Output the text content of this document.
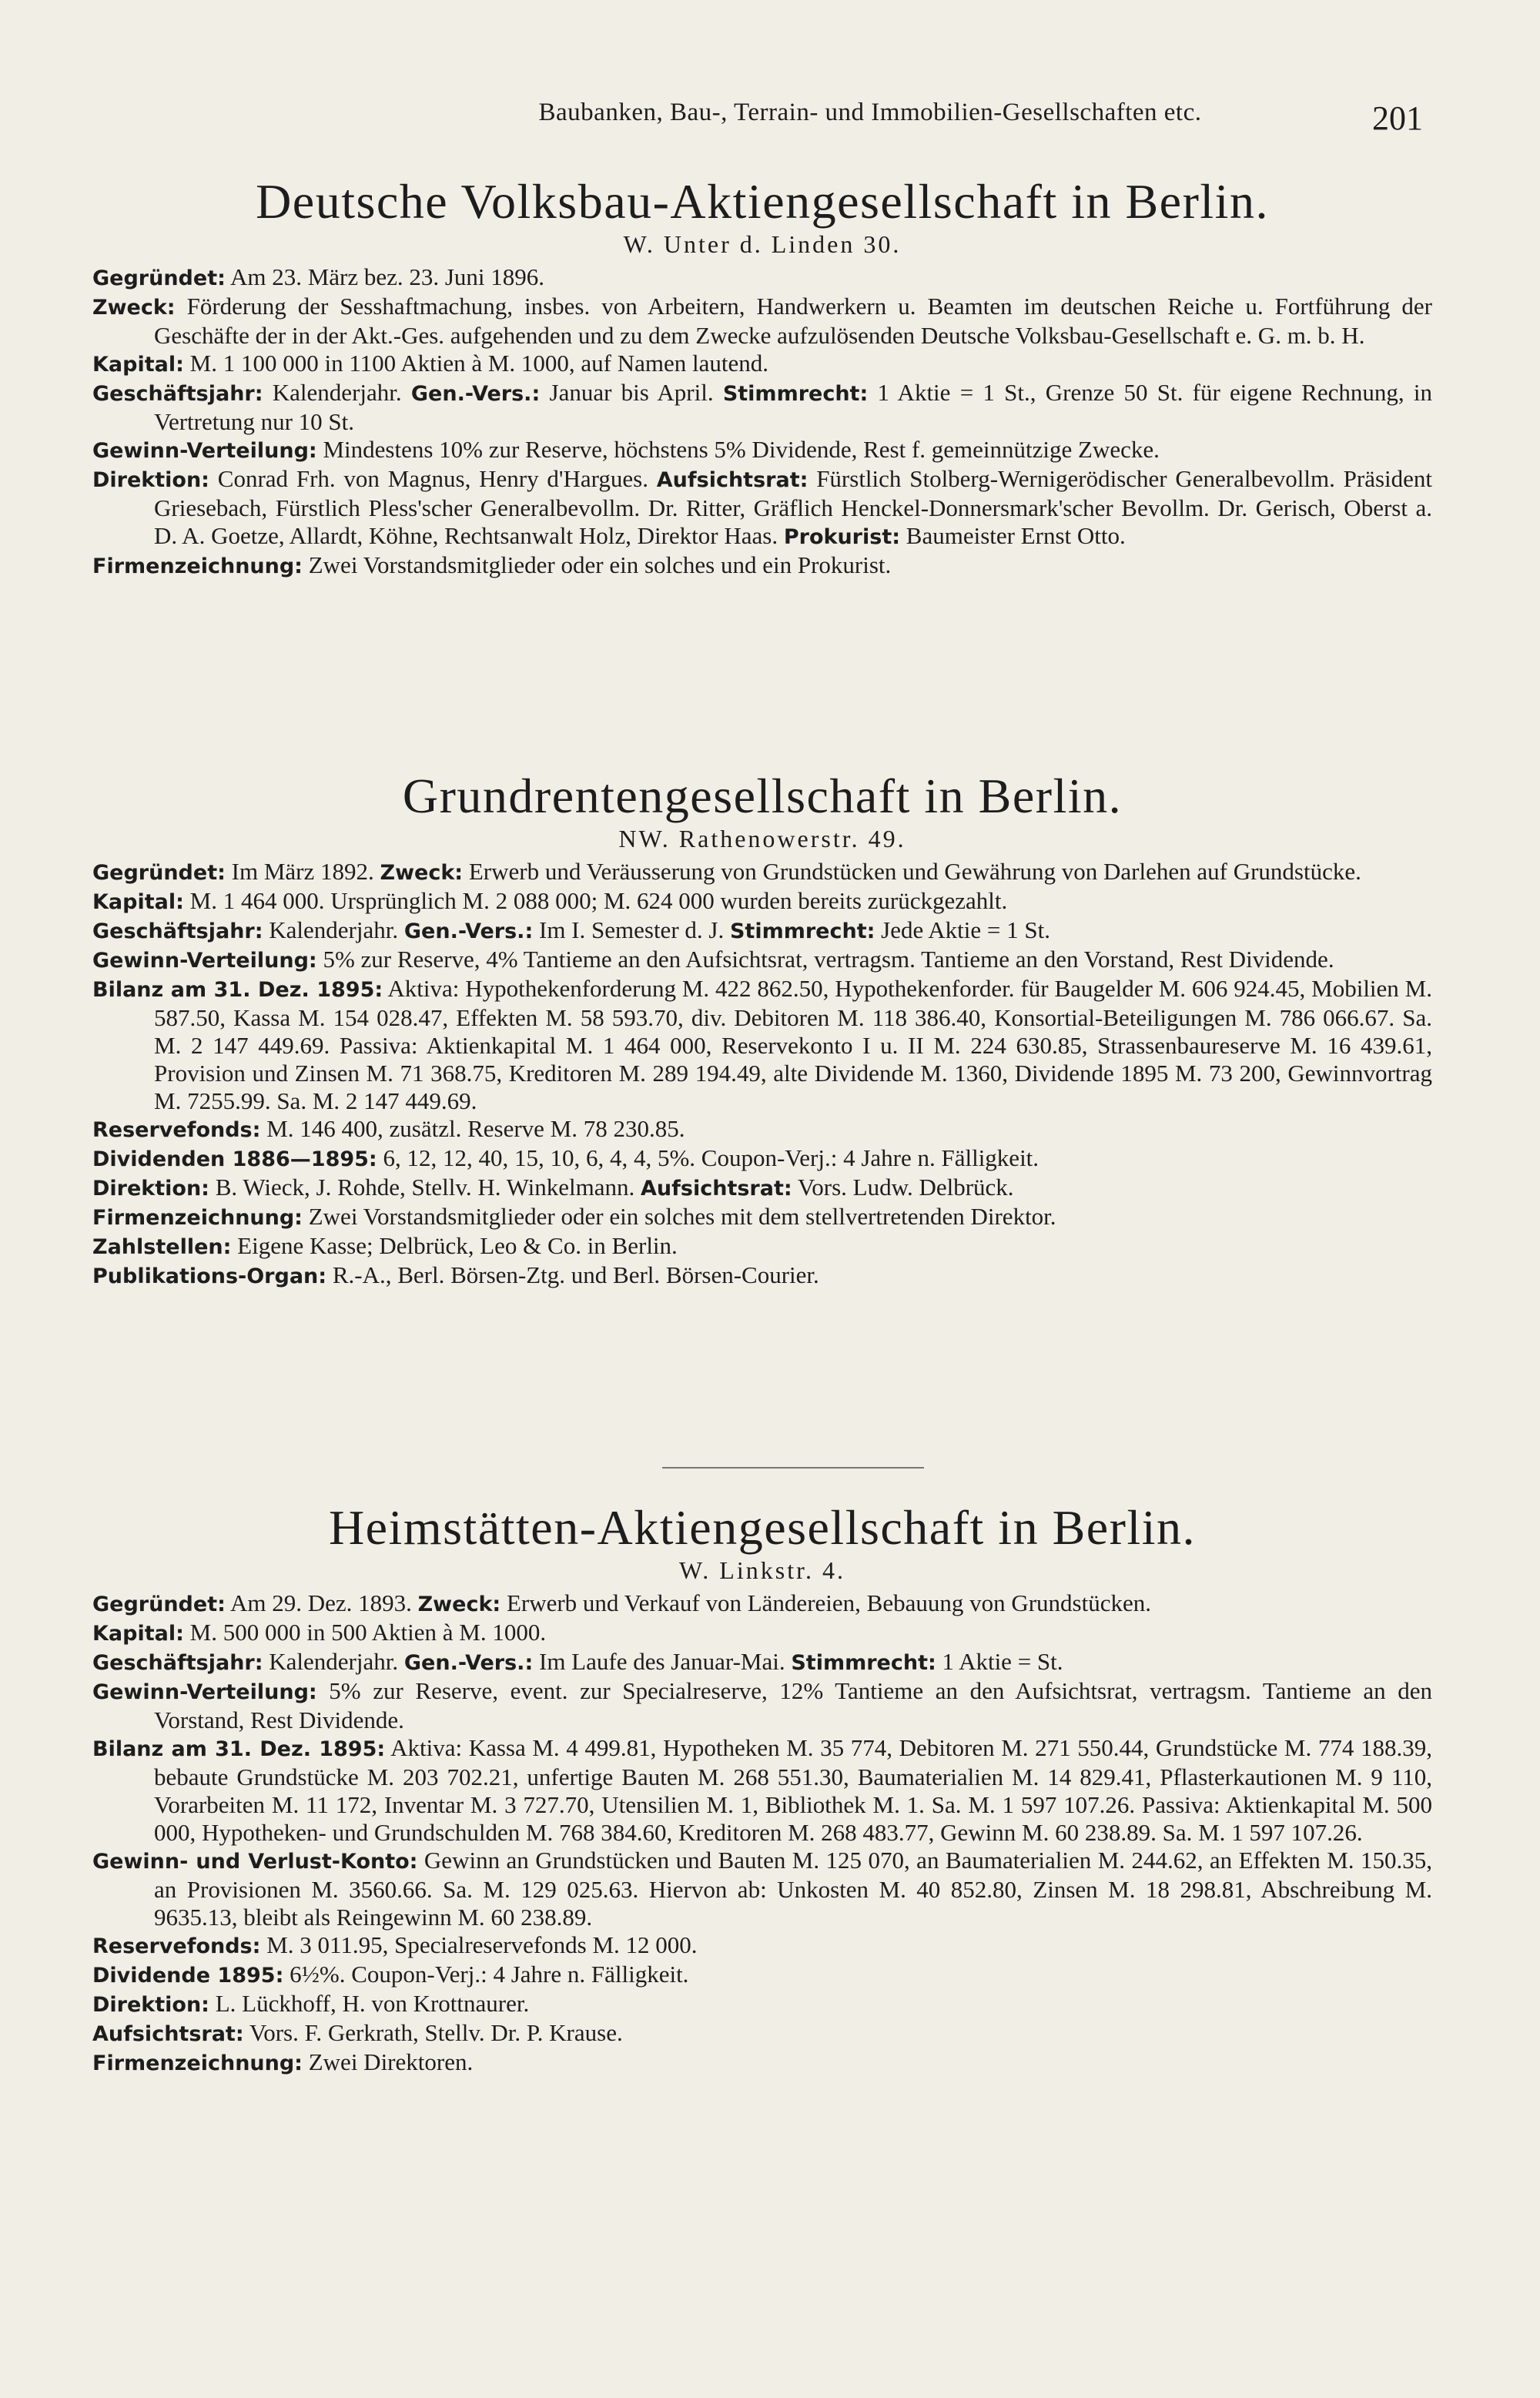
Baubanken, Bau-, Terrain- und Immobilien-Gesellschaften etc.	201
Deutsche Volksbau-Aktiengesellschaft in Berlin.
W. Unter d. Linden 30.

Gegründet: Am 23. März bez. 23. Juni 1896.

Zweck: Förderung der Sesshaftmachung, insbes. von Arbeitern, Handwerkern u. Beamten im deutschen Reiche u. Fortführung der Geschäfte der in der Akt.-Ges. aufgehenden und zu dem Zwecke aufzulösenden Deutsche Volksbau-Gesellschaft e. G. m. b. H.

Kapital: M. 1 100 000 in 1100 Aktien à M. 1000, auf Namen lautend.

Geschäftsjahr: Kalenderjahr. Gen.-Vers.: Januar bis April. Stimmrecht: 1 Aktie = 1 St., Grenze 50 St. für eigene Rechnung, in Vertretung nur 10 St.

Gewinn-Verteilung: Mindestens 10% zur Reserve, höchstens 5% Dividende, Rest f. gemeinnützige Zwecke.

Direktion: Conrad Frh. von Magnus, Henry d'Hargues. Aufsichtsrat: Fürstlich Stolberg-Wernigerödischer Generalbevollm. Präsident Griesebach, Fürstlich Pless'scher Generalbevollm. Dr. Ritter, Gräflich Henckel-Donnersmark'scher Bevollm. Dr. Gerisch, Oberst a. D. A. Goetze, Allardt, Köhne, Rechtsanwalt Holz, Direktor Haas. Prokurist: Baumeister Ernst Otto.

Firmenzeichnung: Zwei Vorstandsmitglieder oder ein solches und ein Prokurist.

Grundrentengesellschaft in Berlin.
NW. Rathenowerstr. 49.

Gegründet: Im März 1892. Zweck: Erwerb und Veräusserung von Grundstücken und Gewährung von Darlehen auf Grundstücke.

Kapital: M. 1 464 000. Ursprünglich M. 2 088 000; M. 624 000 wurden bereits zurückgezahlt.

Geschäftsjahr: Kalenderjahr. Gen.-Vers.: Im I. Semester d. J. Stimmrecht: Jede Aktie = 1 St.

Gewinn-Verteilung: 5% zur Reserve, 4% Tantieme an den Aufsichtsrat, vertragsm. Tantieme an den Vorstand, Rest Dividende.

Bilanz am 31. Dez. 1895: Aktiva: Hypothekenforderung M. 422 862.50, Hypothekenforder. für Baugelder M. 606 924.45, Mobilien M. 587.50, Kassa M. 154 028.47, Effekten M. 58 593.70, div. Debitoren M. 118 386.40, Konsortial-Beteiligungen M. 786 066.67. Sa. M. 2 147 449.69. Passiva: Aktienkapital M. 1 464 000, Reservekonto I u. II M. 224 630.85, Strassenbaureserve M. 16 439.61, Provision und Zinsen M. 71 368.75, Kreditoren M. 289 194.49, alte Dividende M. 1360, Dividende 1895 M. 73 200, Gewinnvortrag M. 7255.99. Sa. M. 2 147 449.69.

Reservefonds: M. 146 400, zusätzl. Reserve M. 78 230.85.

Dividenden 1886—1895: 6, 12, 12, 40, 15, 10, 6, 4, 4, 5%. Coupon-Verj.: 4 Jahre n. Fälligkeit.

Direktion: B. Wieck, J. Rohde, Stellv. H. Winkelmann. Aufsichtsrat: Vors. Ludw. Delbrück.

Firmenzeichnung: Zwei Vorstandsmitglieder oder ein solches mit dem stellvertretenden Direktor.

Zahlstellen: Eigene Kasse; Delbrück, Leo & Co. in Berlin.

Publikations-Organ: R.-A., Berl. Börsen-Ztg. und Berl. Börsen-Courier.

Heimstätten-Aktiengesellschaft in Berlin.
W. Linkstr. 4.

Gegründet: Am 29. Dez. 1893. Zweck: Erwerb und Verkauf von Ländereien, Bebauung von Grundstücken.

Kapital: M. 500 000 in 500 Aktien à M. 1000.

Geschäftsjahr: Kalenderjahr. Gen.-Vers.: Im Laufe des Januar-Mai. Stimmrecht: 1 Aktie = St.

Gewinn-Verteilung: 5% zur Reserve, event. zur Specialreserve, 12% Tantieme an den Aufsichtsrat, vertragsm. Tantieme an den Vorstand, Rest Dividende.

Bilanz am 31. Dez. 1895: Aktiva: Kassa M. 4 499.81, Hypotheken M. 35 774, Debitoren M. 271 550.44, Grundstücke M. 774 188.39, bebaute Grundstücke M. 203 702.21, unfertige Bauten M. 268 551.30, Baumaterialien M. 14 829.41, Pflasterkautionen M. 9 110, Vorarbeiten M. 11 172, Inventar M. 3 727.70, Utensilien M. 1, Bibliothek M. 1. Sa. M. 1 597 107.26. Passiva: Aktienkapital M. 500 000, Hypotheken- und Grundschulden M. 768 384.60, Kreditoren M. 268 483.77, Gewinn M. 60 238.89. Sa. M. 1 597 107.26.

Gewinn- und Verlust-Konto: Gewinn an Grundstücken und Bauten M. 125 070, an Baumaterialien M. 244.62, an Effekten M. 150.35, an Provisionen M. 3560.66. Sa. M. 129 025.63. Hiervon ab: Unkosten M. 40 852.80, Zinsen M. 18 298.81, Abschreibung M. 9635.13, bleibt als Reingewinn M. 60 238.89.

Reservefonds: M. 3 011.95, Specialreservefonds M. 12 000.

Dividende 1895: 6½%. Coupon-Verj.: 4 Jahre n. Fälligkeit.

Direktion: L. Lückhoff, H. von Krottnaurer.

Aufsichtsrat: Vors. F. Gerkrath, Stellv. Dr. P. Krause.

Firmenzeichnung: Zwei Direktoren.
